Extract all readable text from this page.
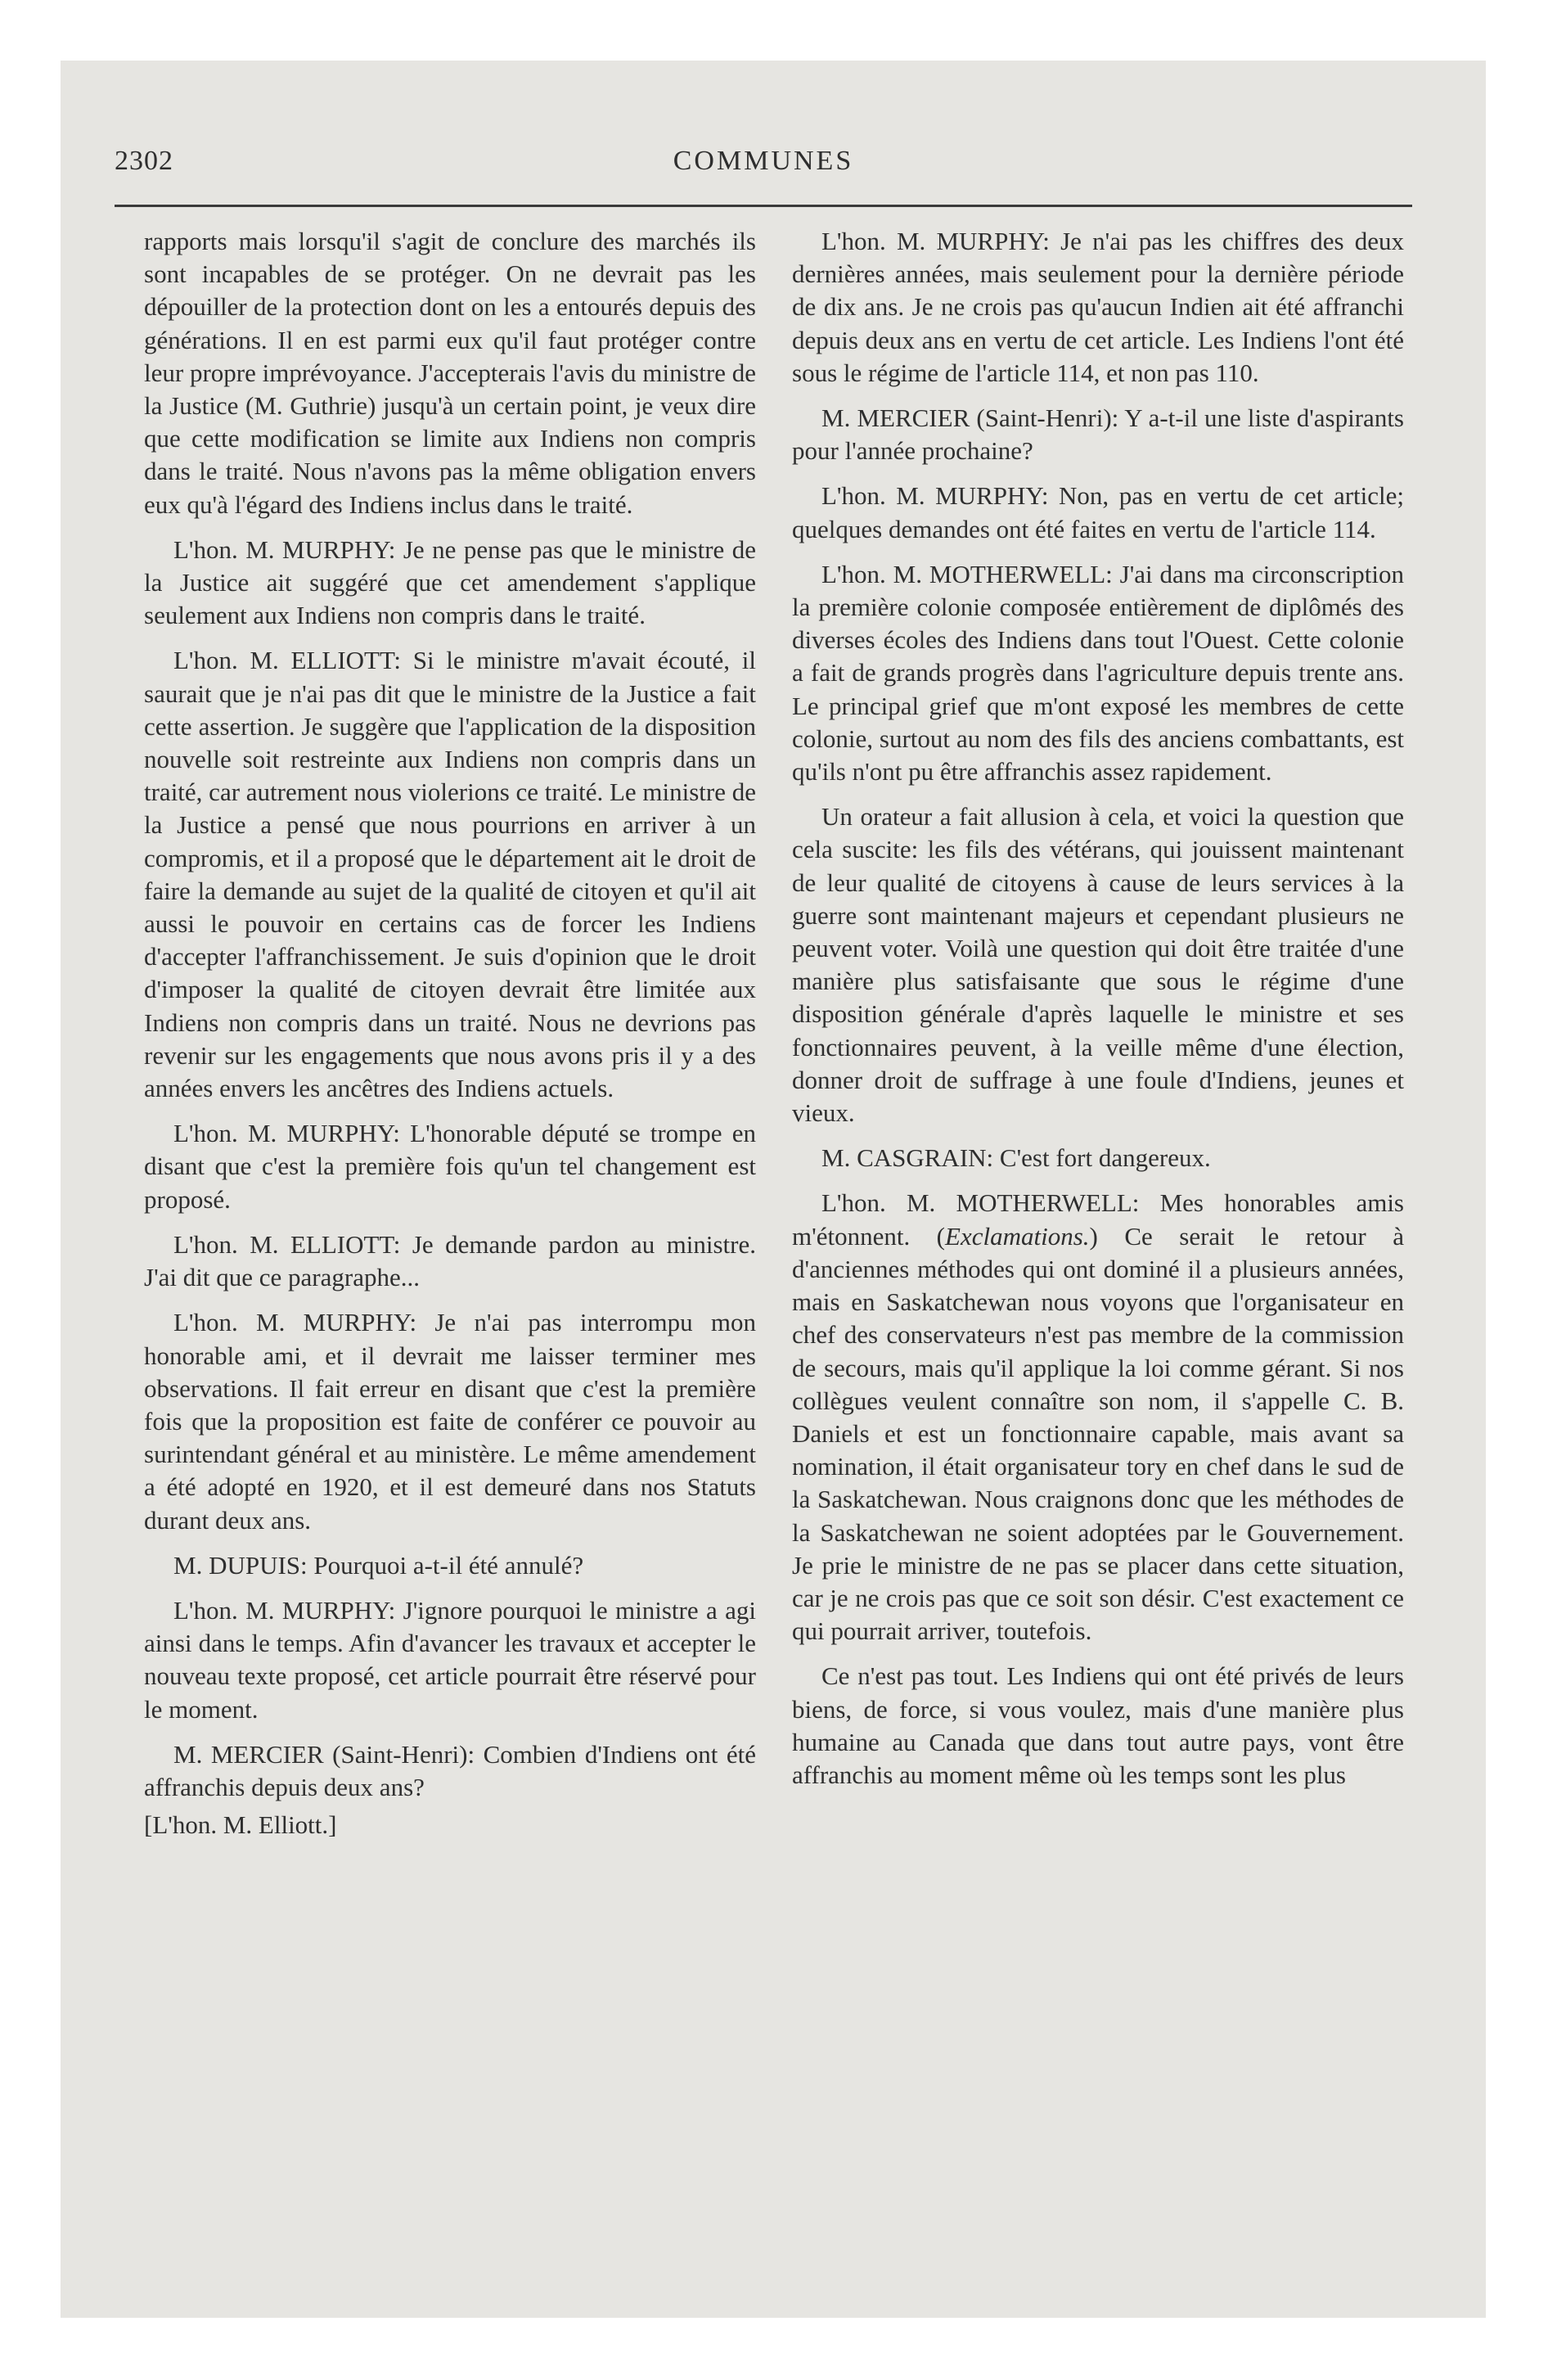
2302	COMMUNES

rapports mais lorsqu'il s'agit de conclure des marchés ils sont incapables de se protéger. On ne devrait pas les dépouiller de la protection dont on les a entourés depuis des générations. Il en est parmi eux qu'il faut protéger contre leur propre imprévoyance. J'accepterais l'avis du ministre de la Justice (M. Guthrie) jusqu'à un certain point, je veux dire que cette modification se limite aux Indiens non compris dans le traité. Nous n'avons pas la même obligation envers eux qu'à l'égard des Indiens inclus dans le traité.

L'hon. M. MURPHY: Je ne pense pas que le ministre de la Justice ait suggéré que cet amendement s'applique seulement aux Indiens non compris dans le traité.

L'hon. M. ELLIOTT: Si le ministre m'avait écouté, il saurait que je n'ai pas dit que le ministre de la Justice a fait cette assertion. Je suggère que l'application de la disposition nouvelle soit restreinte aux Indiens non compris dans un traité, car autrement nous violerions ce traité. Le ministre de la Justice a pensé que nous pourrions en arriver à un compromis, et il a proposé que le département ait le droit de faire la demande au sujet de la qualité de citoyen et qu'il ait aussi le pouvoir en certains cas de forcer les Indiens d'accepter l'affranchissement. Je suis d'opinion que le droit d'imposer la qualité de citoyen devrait être limitée aux Indiens non compris dans un traité. Nous ne devrions pas revenir sur les engagements que nous avons pris il y a des années envers les ancêtres des Indiens actuels.

L'hon. M. MURPHY: L'honorable député se trompe en disant que c'est la première fois qu'un tel changement est proposé.

L'hon. M. ELLIOTT: Je demande pardon au ministre. J'ai dit que ce paragraphe...

L'hon. M. MURPHY: Je n'ai pas interrompu mon honorable ami, et il devrait me laisser terminer mes observations. Il fait erreur en disant que c'est la première fois que la proposition est faite de conférer ce pouvoir au surintendant général et au ministère. Le même amendement a été adopté en 1920, et il est demeuré dans nos Statuts durant deux ans.

M. DUPUIS: Pourquoi a-t-il été annulé?

L'hon. M. MURPHY: J'ignore pourquoi le ministre a agi ainsi dans le temps. Afin d'avancer les travaux et accepter le nouveau texte proposé, cet article pourrait être réservé pour le moment.

M. MERCIER (Saint-Henri): Combien d'Indiens ont été affranchis depuis deux ans?

[L'hon. M. Elliott.]

L'hon. M. MURPHY: Je n'ai pas les chiffres des deux dernières années, mais seulement pour la dernière période de dix ans. Je ne crois pas qu'aucun Indien ait été affranchi depuis deux ans en vertu de cet article. Les Indiens l'ont été sous le régime de l'article 114, et non pas 110.

M. MERCIER (Saint-Henri): Y a-t-il une liste d'aspirants pour l'année prochaine?

L'hon. M. MURPHY: Non, pas en vertu de cet article; quelques demandes ont été faites en vertu de l'article 114.

L'hon. M. MOTHERWELL: J'ai dans ma circonscription la première colonie composée entièrement de diplômés des diverses écoles des Indiens dans tout l'Ouest. Cette colonie a fait de grands progrès dans l'agriculture depuis trente ans. Le principal grief que m'ont exposé les membres de cette colonie, surtout au nom des fils des anciens combattants, est qu'ils n'ont pu être affranchis assez rapidement.

Un orateur a fait allusion à cela, et voici la question que cela suscite: les fils des vétérans, qui jouissent maintenant de leur qualité de citoyens à cause de leurs services à la guerre sont maintenant majeurs et cependant plusieurs ne peuvent voter. Voilà une question qui doit être traitée d'une manière plus satisfaisante que sous le régime d'une disposition générale d'après laquelle le ministre et ses fonctionnaires peuvent, à la veille même d'une élection, donner droit de suffrage à une foule d'Indiens, jeunes et vieux.

M. CASGRAIN: C'est fort dangereux.

L'hon. M. MOTHERWELL: Mes honorables amis m'étonnent. (Exclamations.) Ce serait le retour à d'anciennes méthodes qui ont dominé il a plusieurs années, mais en Saskatchewan nous voyons que l'organisateur en chef des conservateurs n'est pas membre de la commission de secours, mais qu'il applique la loi comme gérant. Si nos collègues veulent connaître son nom, il s'appelle C. B. Daniels et est un fonctionnaire capable, mais avant sa nomination, il était organisateur tory en chef dans le sud de la Saskatchewan. Nous craignons donc que les méthodes de la Saskatchewan ne soient adoptées par le Gouvernement. Je prie le ministre de ne pas se placer dans cette situation, car je ne crois pas que ce soit son désir. C'est exactement ce qui pourrait arriver, toutefois.

Ce n'est pas tout. Les Indiens qui ont été privés de leurs biens, de force, si vous voulez, mais d'une manière plus humaine au Canada que dans tout autre pays, vont être affranchis au moment même où les temps sont les plus
